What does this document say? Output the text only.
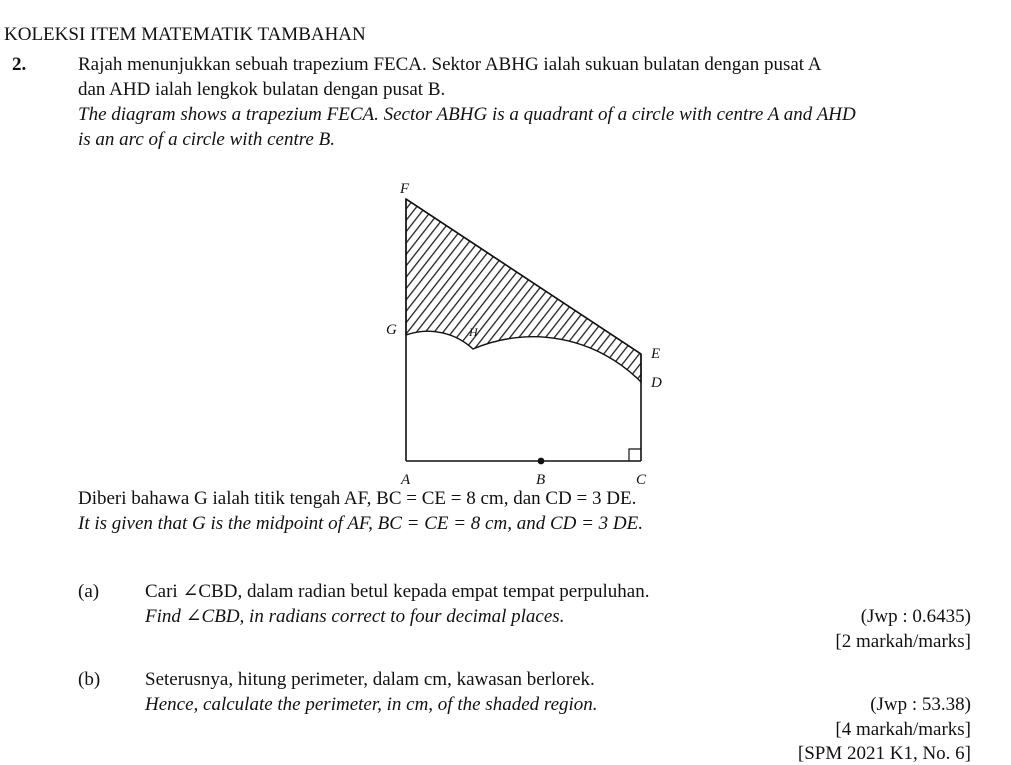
KOLEKSI ITEM MATEMATIK TAMBAHAN
2.	Rajah menunjukkan sebuah trapezium FECA. Sektor ABHG ialah sukuan bulatan dengan pusat A
dan AHD ialah lengkok bulatan dengan pusat B.
The diagram shows a trapezium FECA. Sector ABHG is a quadrant of a circle with centre A and AHD
is an arc of a circle with centre B.
F
G	H
E
D
A	B	C
Diberi bahawa G ialah titik tengah AF, BC = CE = 8 cm, dan CD = 3 DE.
It is given that G is the midpoint of AF, BC = CE = 8 cm, and CD = 3 DE.
(a) Cari ∠CBD, dalam radian betul kepada empat tempat perpuluhan.
Find ∠CBD, in radians correct to four decimal places.	(Jwp : 0.6435)
[2 markah/marks]
(b) Seterusnya, hitung perimeter, dalam cm, kawasan berlorek.
Hence, calculate the perimeter, in cm, of the shaded region.	(Jwp : 53.38)
[4 markah/marks]
[SPM 2021 K1, No. 6]
